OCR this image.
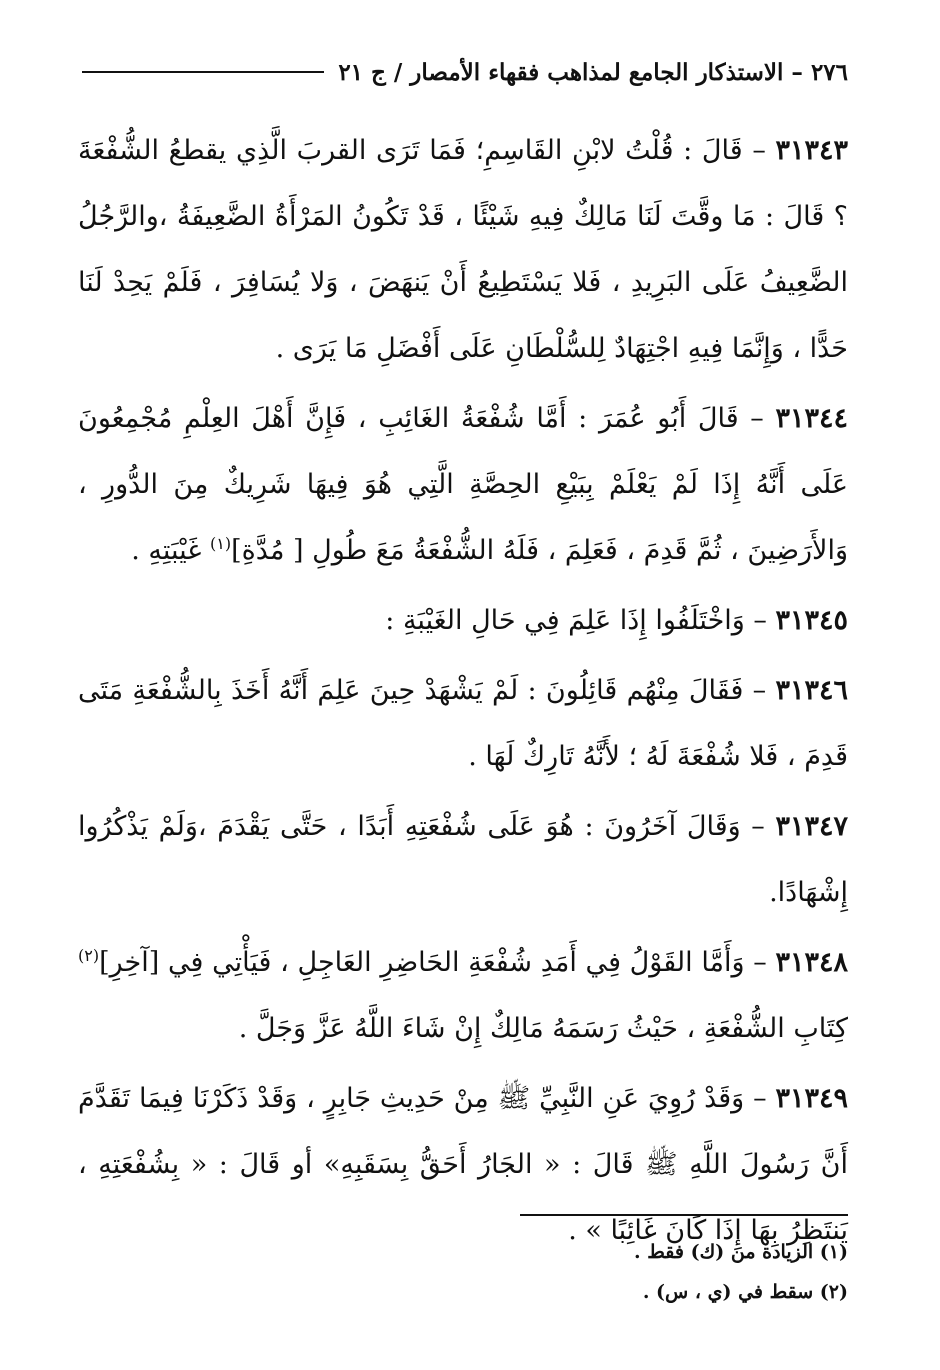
٢٧٦ – الاستذكار الجامع لمذاهب فقهاء الأمصار / ج ٢١

٣١٣٤٣ – قَالَ : قُلْتُ لابْنِ القَاسِمِ؛ فَمَا تَرَى القربَ الَّذِي يقطعُ الشُّفْعَةَ ؟ قَالَ : مَا وقَّتَ لَنَا مَالِكٌ فِيهِ شَيْئًا ، قَدْ تَكُونُ المَرْأَةُ الضَّعِيفَةُ ،والرَّجُلُ الضَّعِيفُ عَلَى البَرِيدِ ، فَلا يَسْتَطِيعُ أَنْ يَنهَضَ ، وَلا يُسَافِرَ ، فَلَمْ يَحِدْ لَنَا حَدًّا ، وَإِنَّمَا فِيهِ اجْتِهَادٌ لِلسُّلْطَانِ عَلَى أَفْضَلِ مَا يَرَى .

٣١٣٤٤ – قَالَ أَبُو عُمَرَ : أَمَّا شُفْعَةُ الغَائِبِ ، فَإِنَّ أَهْلَ العِلْمِ مُجْمِعُونَ عَلَى أَنَّهُ إِذَا لَمْ يَعْلَمْ بِبَيْعِ الحِصَّةِ الَّتِي هُوَ فِيهَا شَرِيكٌ مِنَ الدُّورِ ، وَالأَرَضِينَ ، ثُمَّ قَدِمَ ، فَعَلِمَ ، فَلَهُ الشُّفْعَةُ مَعَ طُولِ [ مُدَّةِ]$^{(١)}$ غَيْبَتِهِ .

٣١٣٤٥ – وَاخْتَلَفُوا إِذَا عَلِمَ فِي حَالِ الغَيْبَةِ :

٣١٣٤٦ – فَقَالَ مِنْهُم قَائِلُونَ : لَمْ يَشْهَدْ حِينَ عَلِمَ أَنَّهُ أَخَذَ بِالشُّفْعَةِ مَتَى قَدِمَ ، فَلا شُفْعَةَ لَهُ ؛ لأَنَّهُ تَارِكٌ لَهَا .

٣١٣٤٧ – وَقَالَ آخَرُونَ : هُوَ عَلَى شُفْعَتِهِ أَبَدًا ، حَتَّى يَقْدَمَ ،وَلَمْ يَذْكُرُوا إِشْهَادًا.

٣١٣٤٨ – وَأَمَّا القَوْلُ فِي أَمَدِ شُفْعَةِ الحَاضِرِ العَاجِلِ ، فَيَأْتِي فِي [آخِرِ]$^{(٢)}$ كِتَابِ الشُّفْعَةِ ، حَيْثُ رَسَمَهُ مَالِكٌ إِنْ شَاءَ اللَّهُ عَزَّ وَجَلَّ .

٣١٣٤٩ – وَقَدْ رُوِيَ عَنِ النَّبِيِّ ﷺ مِنْ حَدِيثِ جَابِرٍ ، وَقَدْ ذَكَرْنَا فِيمَا تَقَدَّمَ أَنَّ رَسُولَ اللَّهِ ﷺ قَالَ : « الجَارُ أَحَقُّ بِسَقَبِهِ» أو قَالَ : « بِشُفْعَتِهِ ، يَنتَظِرُ بِهَا إِذَا كَانَ غَائِبًا » .

(١) الزيادة من (ك) فقط .

(٢) سقط في (ي ، س) .
